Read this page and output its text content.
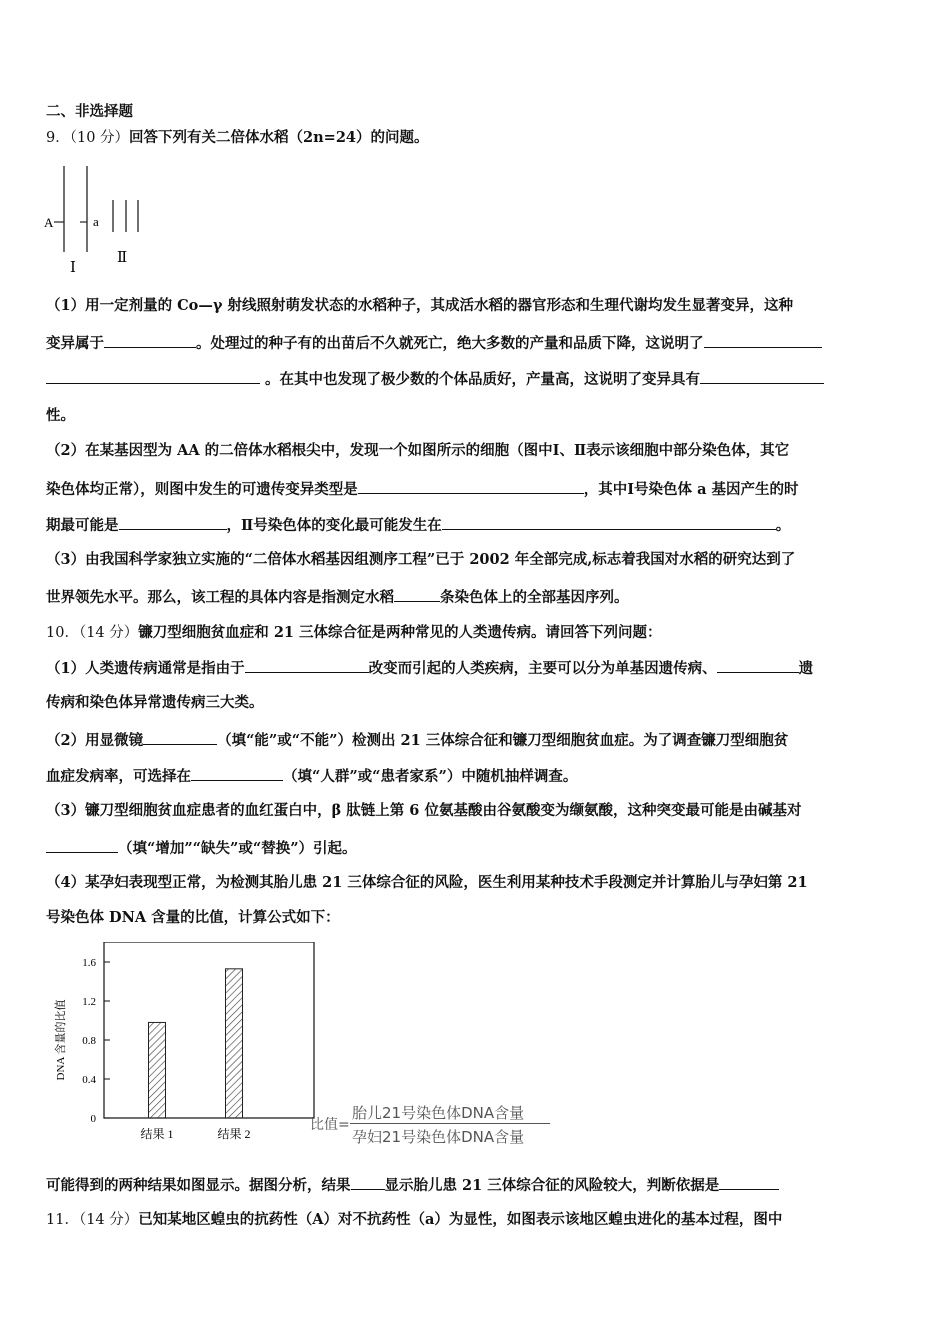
二、非选择题
9．（10 分）回答下列有关二倍体水稻（2n=24）的问题。
A	a
Ⅰ
Ⅱ
（1）用一定剂量的 Co—γ 射线照射萌发状态的水稻种子，其成活水稻的器官形态和生理代谢均发生显著变异，这种
变异属于	。处理过的种子有的出苗后不久就死亡，绝大多数的产量和品质下降，这说明了
。在其中也发现了极少数的个体品质好，产量高，这说明了变异具有
性。
（2）在某基因型为 AA 的二倍体水稻根尖中，发现一个如图所示的细胞（图中Ⅰ、Ⅱ表示该细胞中部分染色体，其它
染色体均正常），则图中发生的可遗传变异类型是	，其中Ⅰ号染色体 a 基因产生的时
期最可能是	，Ⅱ号染色体的变化最可能发生在	。
（3）由我国科学家独立实施的“二倍体水稻基因组测序工程”已于 2002 年全部完成,标志着我国对水稻的研究达到了
世界领先水平。那么，该工程的具体内容是指测定水稻	条染色体上的全部基因序列。
10．（14 分）镰刀型细胞贫血症和 21 三体综合征是两种常见的人类遗传病。请回答下列问题：
（1）人类遗传病通常是指由于	改变而引起的人类疾病，主要可以分为单基因遗传病、	遗
传病和染色体异常遗传病三大类。
（2）用显微镜	（填“能”或“不能”）检测出 21 三体综合征和镰刀型细胞贫血症。为了调查镰刀型细胞贫
血症发病率，可选择在	（填“人群”或“患者家系”）中随机抽样调查。
（3）镰刀型细胞贫血症患者的血红蛋白中，β 肽链上第 6 位氨基酸由谷氨酸变为缬氨酸，这种突变最可能是由碱基对
（填“增加”“缺失”或“替换”）引起。
（4）某孕妇表现型正常，为检测其胎儿患 21 三体综合征的风险，医生利用某种技术手段测定并计算胎儿与孕妇第 21
号染色体 DNA 含量的比值，计算公式如下：
0
0.4
0.8
1.2
1.6
结果 1	结果 2
DNA 含量的比值
比值=
胎儿21号染色体DNA含量
孕妇21号染色体DNA含量
可能得到的两种结果如图显示。据图分析，结果 显示胎儿患 21 三体综合征的风险较大，判断依据是
11．（14 分）已知某地区蝗虫的抗药性（A）对不抗药性（a）为显性，如图表示该地区蝗虫进化的基本过程，图中
